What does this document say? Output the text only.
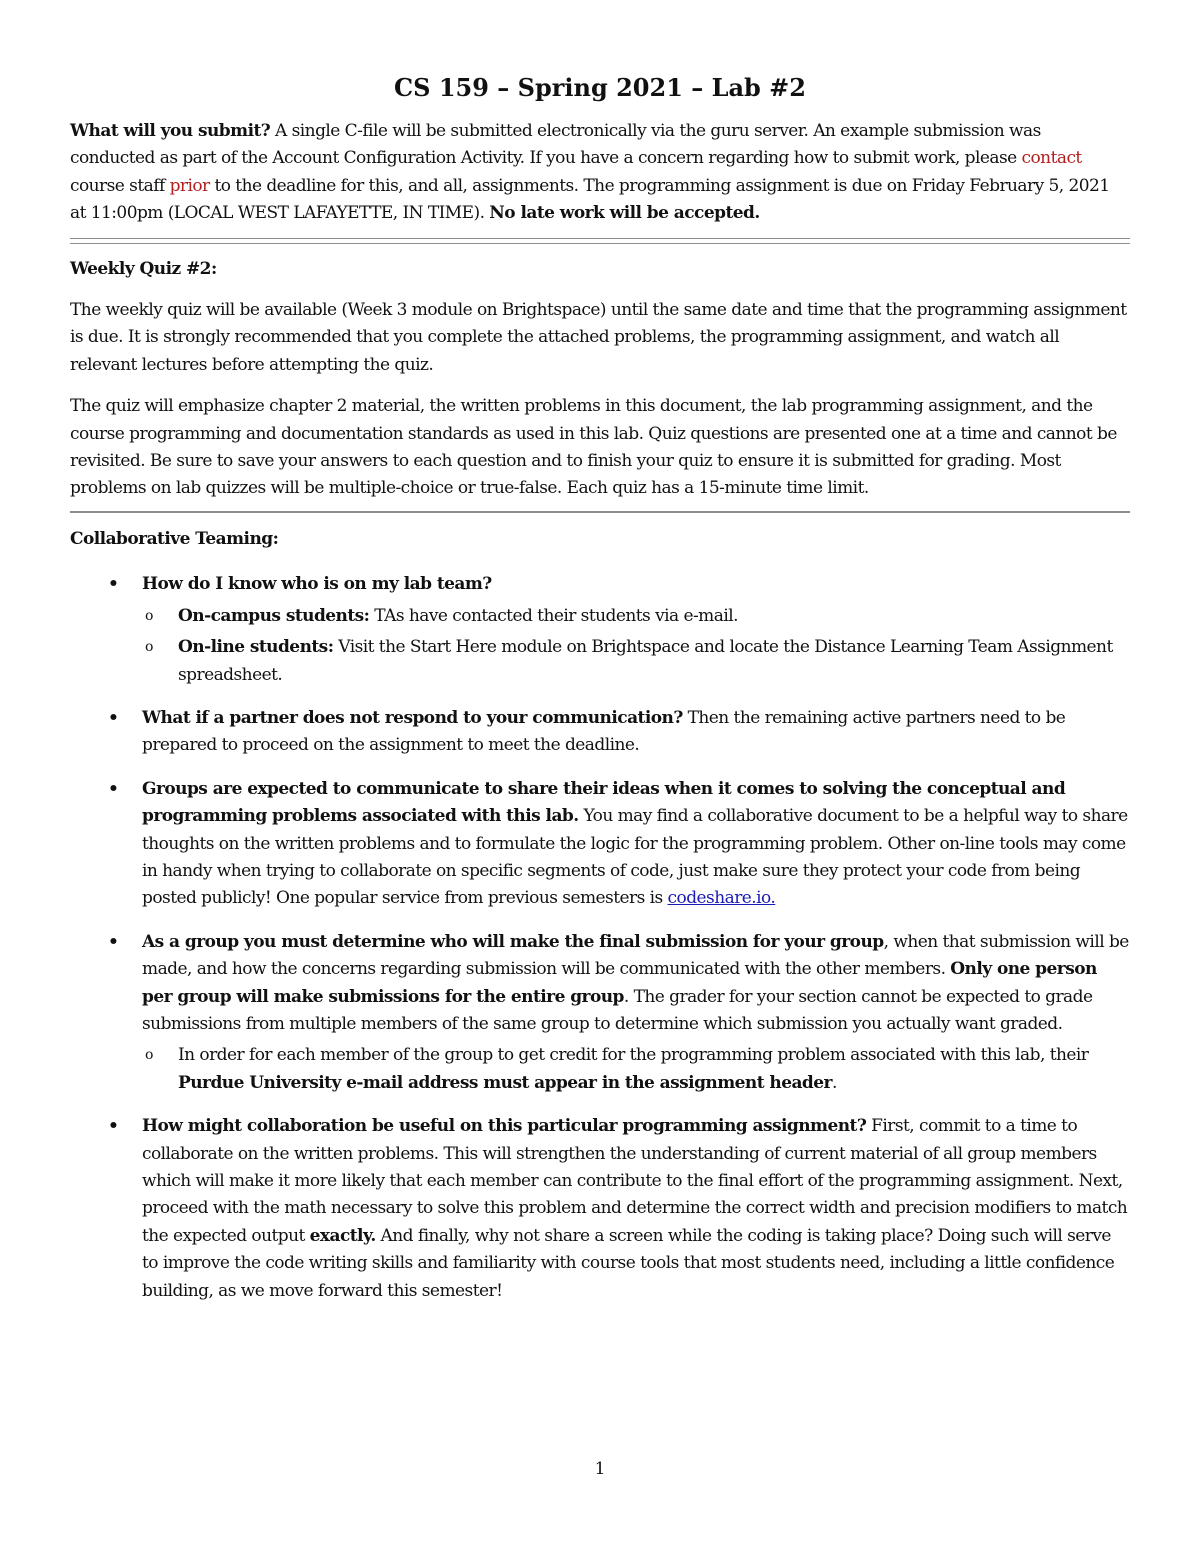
CS 159 – Spring 2021 – Lab #2

What will you submit? A single C-file will be submitted electronically via the guru server. An example submission was conducted as part of the Account Configuration Activity. If you have a concern regarding how to submit work, please contact course staff prior to the deadline for this, and all, assignments. The programming assignment is due on Friday February 5, 2021 at 11:00pm (LOCAL WEST LAFAYETTE, IN TIME). No late work will be accepted.

Weekly Quiz #2:

The weekly quiz will be available (Week 3 module on Brightspace) until the same date and time that the programming assignment is due. It is strongly recommended that you complete the attached problems, the programming assignment, and watch all relevant lectures before attempting the quiz.

The quiz will emphasize chapter 2 material, the written problems in this document, the lab programming assignment, and the course programming and documentation standards as used in this lab. Quiz questions are presented one at a time and cannot be revisited. Be sure to save your answers to each question and to finish your quiz to ensure it is submitted for grading. Most problems on lab quizzes will be multiple-choice or true-false. Each quiz has a 15-minute time limit.

Collaborative Teaming:

• How do I know who is on my lab team?
o On-campus students: TAs have contacted their students via e-mail.
o On-line students: Visit the Start Here module on Brightspace and locate the Distance Learning Team Assignment spreadsheet.
• What if a partner does not respond to your communication? Then the remaining active partners need to be prepared to proceed on the assignment to meet the deadline.
• Groups are expected to communicate to share their ideas when it comes to solving the conceptual and programming problems associated with this lab. You may find a collaborative document to be a helpful way to share thoughts on the written problems and to formulate the logic for the programming problem. Other on-line tools may come in handy when trying to collaborate on specific segments of code, just make sure they protect your code from being posted publicly! One popular service from previous semesters is codeshare.io.
• As a group you must determine who will make the final submission for your group, when that submission will be made, and how the concerns regarding submission will be communicated with the other members. Only one person per group will make submissions for the entire group. The grader for your section cannot be expected to grade submissions from multiple members of the same group to determine which submission you actually want graded.
o In order for each member of the group to get credit for the programming problem associated with this lab, their Purdue University e-mail address must appear in the assignment header.
• How might collaboration be useful on this particular programming assignment? First, commit to a time to collaborate on the written problems. This will strengthen the understanding of current material of all group members which will make it more likely that each member can contribute to the final effort of the programming assignment. Next, proceed with the math necessary to solve this problem and determine the correct width and precision modifiers to match the expected output exactly. And finally, why not share a screen while the coding is taking place? Doing such will serve to improve the code writing skills and familiarity with course tools that most students need, including a little confidence building, as we move forward this semester!
1
